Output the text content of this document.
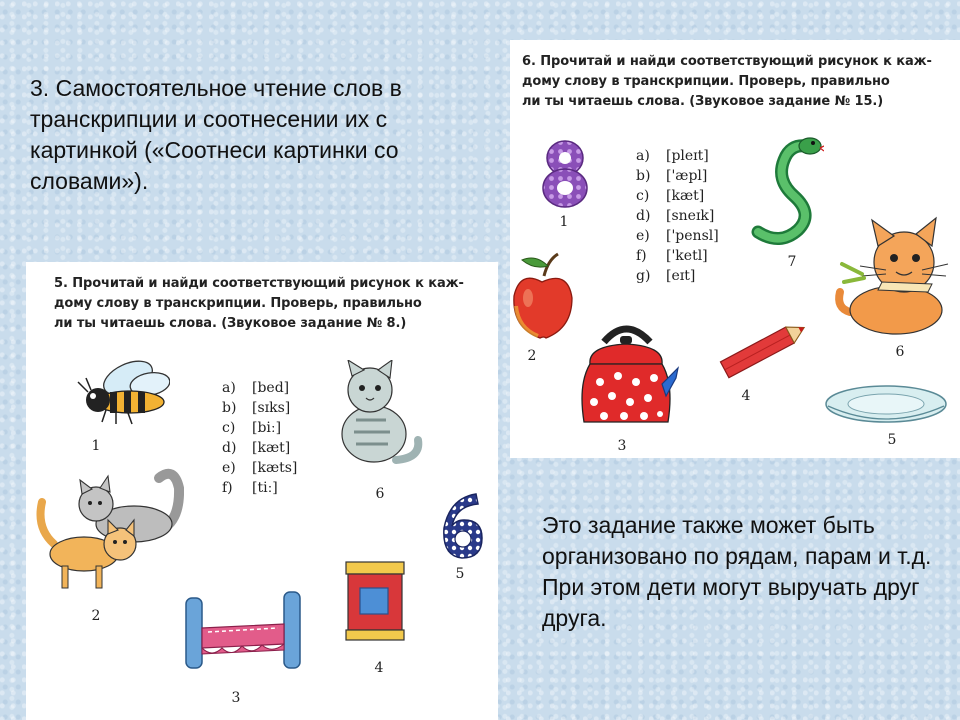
3. Самостоятельное чтение слов в транскрипции и соотнесении их с картинкой («Соотнеси картинки со словами»).
5. Прочитай и найди соответствующий рисунок к каж-
дому слову в транскрипции. Проверь, правильно
ли ты читаешь слова. (Звуковое задание № 8.)
a) [bed]
b) [sɪks]
c) [biː]
d) [kæt]
e) [kæts]
f) [tiː]
1
2
3
4
5
6
6. Прочитай и найди соответствующий рисунок к каж-
дому слову в транскрипции. Проверь, правильно
ли ты читаешь слова. (Звуковое задание № 15.)
a) [pleɪt]
b) ['æpl]
c) [kæt]
d) [sneɪk]
e) ['pensl]
f) ['ketl]
g) [eɪt]
1
2
3
4
5
6
7
Это задание также может быть организовано по рядам, парам и т.д. При этом дети могут выручать друг друга.
